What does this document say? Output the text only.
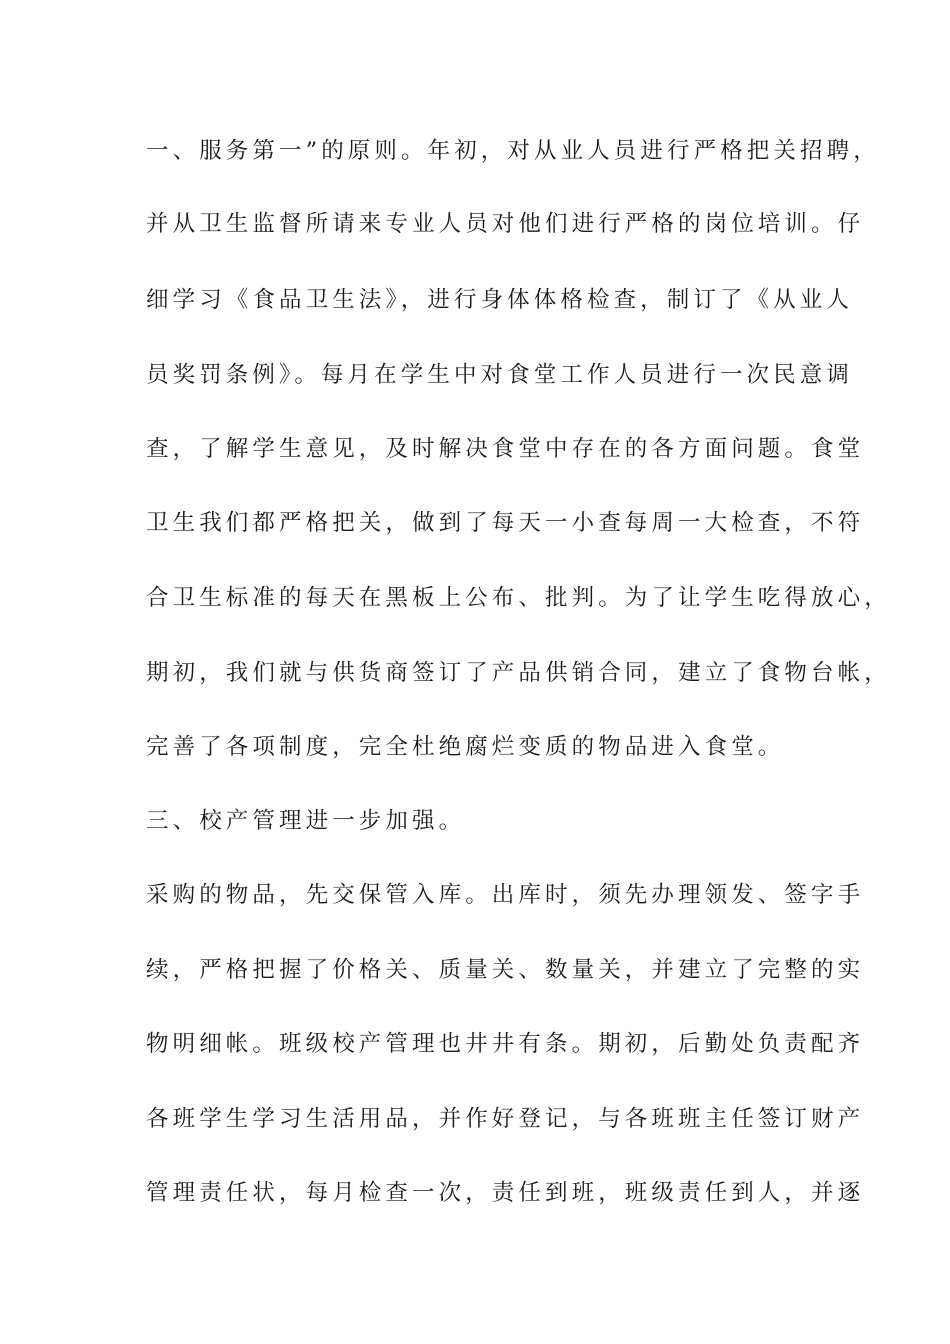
一、服务第一”的原则。年初，对从业人员进行严格把关招聘，

并从卫生监督所请来专业人员对他们进行严格的岗位培训。仔

细学习《食品卫生法》，进行身体体格检查，制订了《从业人

员奖罚条例》。每月在学生中对食堂工作人员进行一次民意调

查，了解学生意见，及时解决食堂中存在的各方面问题。食堂

卫生我们都严格把关，做到了每天一小查每周一大检查，不符

合卫生标准的每天在黑板上公布、批判。为了让学生吃得放心，

期初，我们就与供货商签订了产品供销合同，建立了食物台帐，

完善了各项制度，完全杜绝腐烂变质的物品进入食堂。

三、校产管理进一步加强。

采购的物品，先交保管入库。出库时，须先办理领发、签字手

续，严格把握了价格关、质量关、数量关，并建立了完整的实

物明细帐。班级校产管理也井井有条。期初，后勤处负责配齐

各班学生学习生活用品，并作好登记，与各班班主任签订财产

管理责任状，每月检查一次，责任到班，班级责任到人，并逐
